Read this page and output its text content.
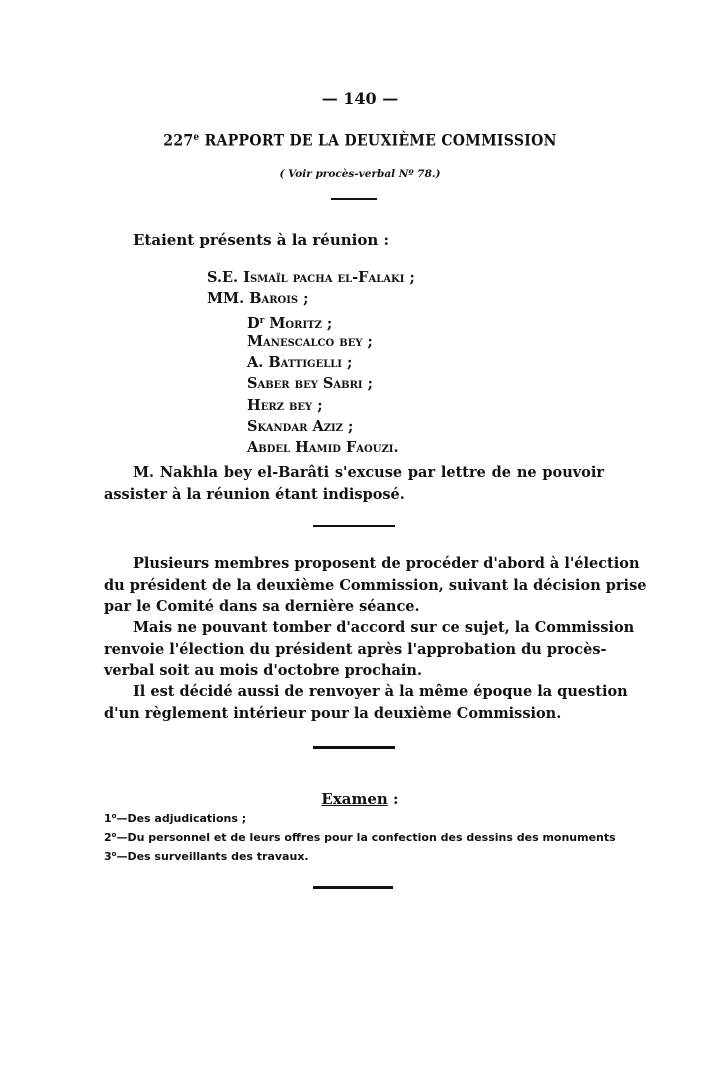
— 140 —
227e RAPPORT DE LA DEUXIÈME COMMISSION
( Voir procès-verbal Nº 78.)
Etaient présents à la réunion :
S.E. Ismaïl pacha el-Falaki ;
MM. Barois ;
$D^r$ Moritz ;
Manescalco bey ;
A. Battigelli ;
Saber bey Sabri ;
Herz bey ;
Skandar Aziz ;
Abdel Hamid Faouzi.
M. Nakhla bey el-Barâti s'excuse par lettre de ne pouvoir
assister à la réunion étant indisposé.
Plusieurs membres proposent de procéder d'abord à l'élection
du président de la deuxième Commission, suivant la décision prise
par le Comité dans sa dernière séance.
Mais ne pouvant tomber d'accord sur ce sujet, la Commission
renvoie l'élection du président après l'approbation du procès-
verbal soit au mois d'octobre prochain.
Il est décidé aussi de renvoyer à la même époque la question
d'un règlement intérieur pour la deuxième Commission.
Examen :
1$^o$—Des adjudications ;
2$^o$—Du personnel et de leurs offres pour la confection des dessins des monuments
3$^o$—Des surveillants des travaux.
